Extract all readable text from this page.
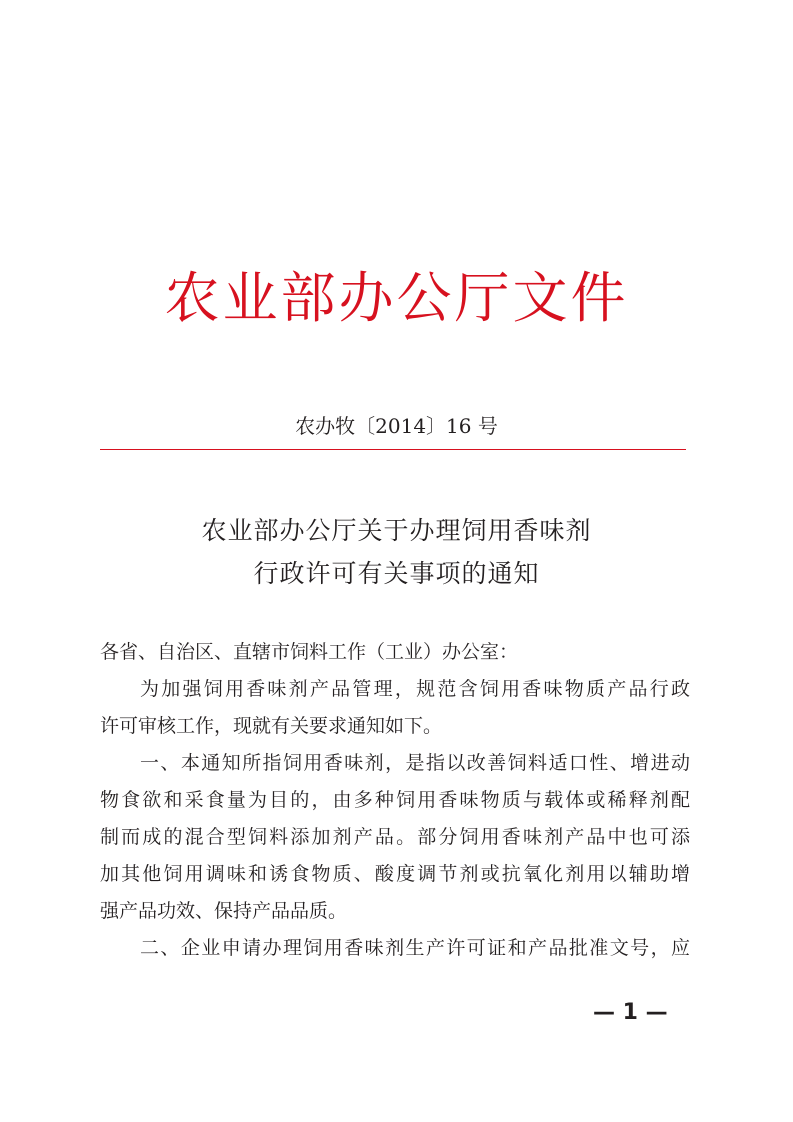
农业部办公厅文件
农办牧〔2014〕16 号
农业部办公厅关于办理饲用香味剂
行政许可有关事项的通知
各省、自治区、直辖市饲料工作（工业）办公室：
为加强饲用香味剂产品管理，规范含饲用香味物质产品行政
许可审核工作，现就有关要求通知如下。
一、本通知所指饲用香味剂，是指以改善饲料适口性、增进动
物食欲和采食量为目的，由多种饲用香味物质与载体或稀释剂配
制而成的混合型饲料添加剂产品。部分饲用香味剂产品中也可添
加其他饲用调味和诱食物质、酸度调节剂或抗氧化剂用以辅助增
强产品功效、保持产品品质。
二、企业申请办理饲用香味剂生产许可证和产品批准文号，应
— 1 —
